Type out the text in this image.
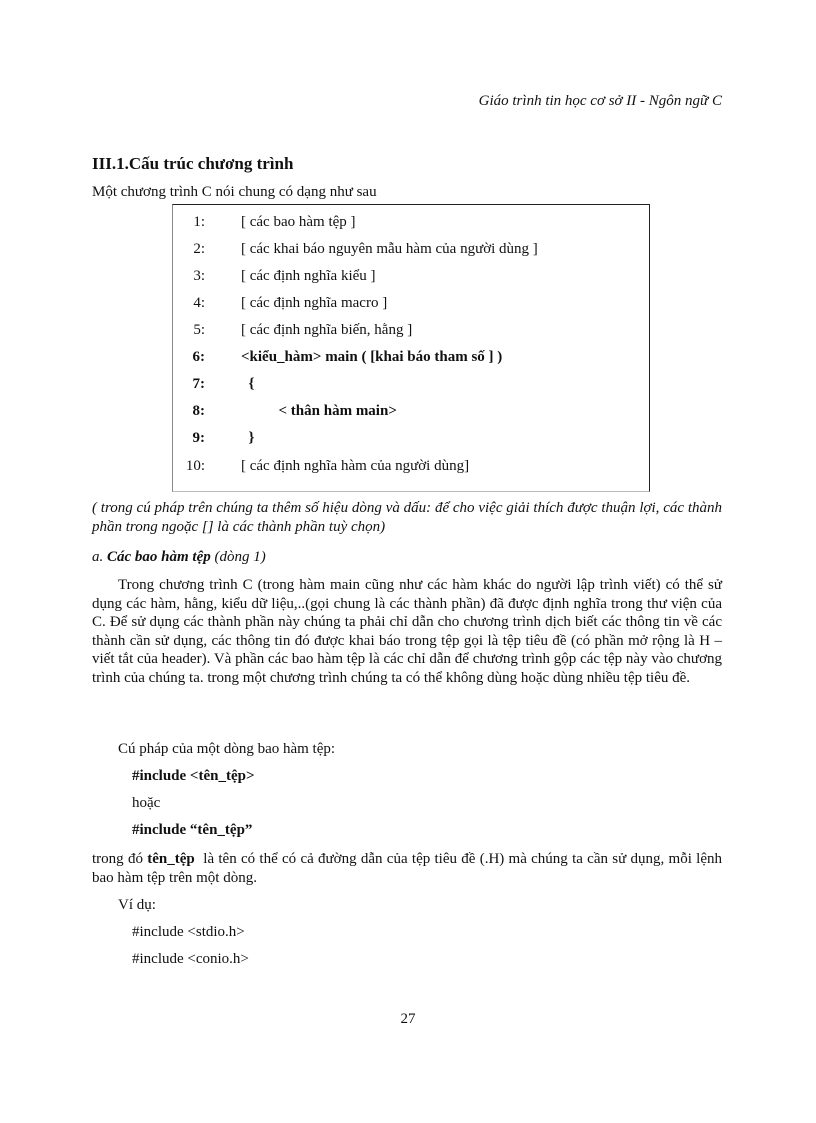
Giáo trình tin học cơ sở II - Ngôn ngữ C
III.1.Cấu trúc chương trình
Một chương trình C nói chung có dạng như sau
1: [ các bao hàm tệp ]
2: [ các khai báo nguyên mẫu hàm của người dùng ]
3: [ các định nghĩa kiểu ]
4: [ các định nghĩa macro ]
5: [ các định nghĩa biến, hằng ]
6: <kiểu_hàm> main ( [khai báo tham số ] )
7: {
8: < thân hàm main>
9: }
10: [ các định nghĩa hàm của người dùng]
( trong cú pháp trên chúng ta thêm số hiệu dòng và dấu: để cho việc giải thích được thuận lợi, các thành phần trong ngoặc [] là các thành phần tuỳ chọn)
a. Các bao hàm tệp (dòng 1)
Trong chương trình C (trong hàm main cũng như các hàm khác do người lập trình viết) có thể sử dụng các hàm, hằng, kiểu dữ liệu,..(gọi chung là các thành phần) đã được định nghĩa trong thư viện của C. Để sử dụng các thành phần này chúng ta phải chỉ dẫn cho chương trình dịch biết các thông tin về các thành cần sử dụng, các thông tin đó được khai báo trong tệp gọi là tệp tiêu đề (có phần mở rộng là H – viết tắt của header). Và phần các bao hàm tệp là các chỉ dẫn để chương trình gộp các tệp này vào chương trình của chúng ta. trong một chương trình chúng ta có thể không dùng hoặc dùng nhiều tệp tiêu đề.
Cú pháp của một dòng bao hàm tệp:
#include <tên_tệp>
hoặc
#include “tên_tệp”
trong đó tên_tệp  là tên có thể có cả đường dẫn của tệp tiêu đề (.H) mà chúng ta cần sử dụng, mỗi lệnh bao hàm tệp trên một dòng.
Ví dụ:
#include <stdio.h>
#include <conio.h>
27
